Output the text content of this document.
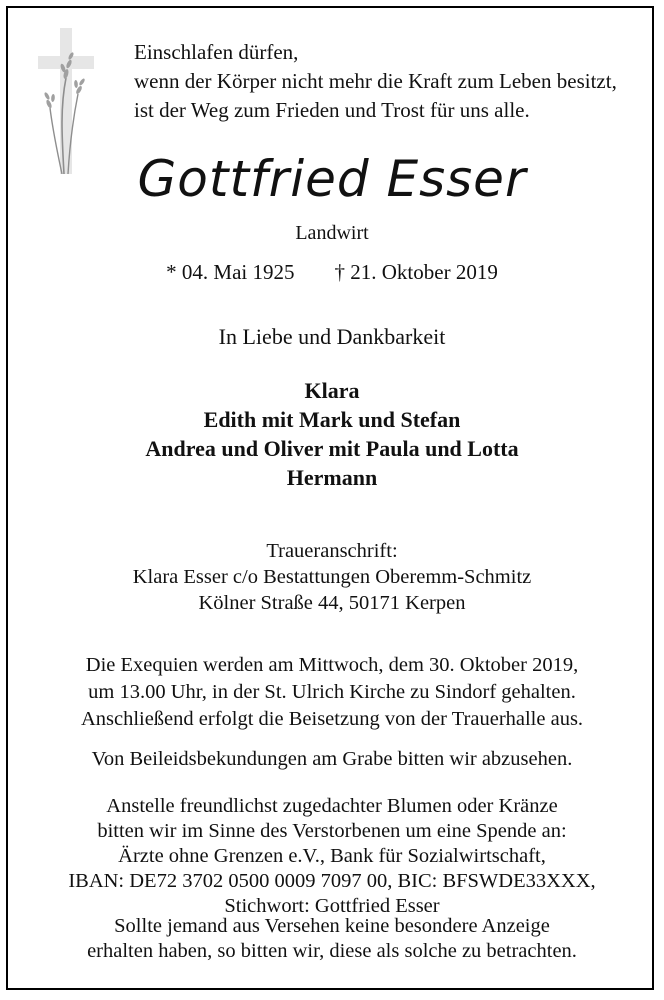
Einschlafen dürfen,
wenn der Körper nicht mehr die Kraft zum Leben besitzt,
ist der Weg zum Frieden und Trost für uns alle.
Gottfried Esser
Landwirt
* 04. Mai 1925 † 21. Oktober 2019
In Liebe und Dankbarkeit
Klara
Edith mit Mark und Stefan
Andrea und Oliver mit Paula und Lotta
Hermann
Traueranschrift:
Klara Esser c/o Bestattungen Oberemm-Schmitz
Kölner Straße 44, 50171 Kerpen
Die Exequien werden am Mittwoch, dem 30. Oktober 2019,
um 13.00 Uhr, in der St. Ulrich Kirche zu Sindorf gehalten.
Anschließend erfolgt die Beisetzung von der Trauerhalle aus.
Von Beileidsbekundungen am Grabe bitten wir abzusehen.
Anstelle freundlichst zugedachter Blumen oder Kränze
bitten wir im Sinne des Verstorbenen um eine Spende an:
Ärzte ohne Grenzen e.V., Bank für Sozialwirtschaft,
IBAN: DE72 3702 0500 0009 7097 00, BIC: BFSWDE33XXX,
Stichwort: Gottfried Esser
Sollte jemand aus Versehen keine besondere Anzeige
erhalten haben, so bitten wir, diese als solche zu betrachten.
